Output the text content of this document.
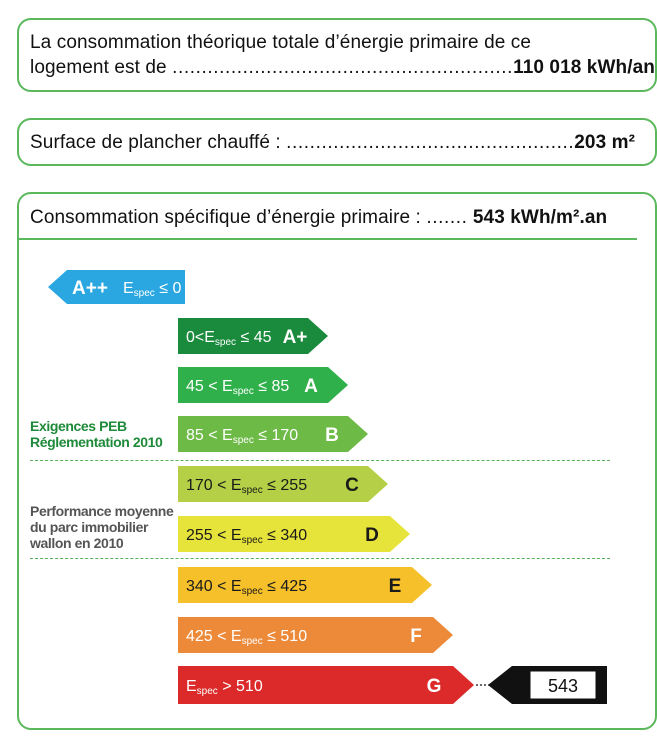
La consommation théorique totale d’énergie primaire de ce
logement est de ..........................................................110 018 kWh/an
Surface de plancher chauffé : .................................................203 m²
Consommation spécifique d’énergie primaire : ....... 543 kWh/m².an
Exigences PEB
Réglementation 2010
Performance moyenne
du parc immobilier
wallon en 2010
A++ Espec ≤ 0
A+
0<Espec ≤ 45
A
45 < Espec ≤ 85
B
85 < Espec ≤ 170
C
170 < Espec ≤ 255
D
255 < Espec ≤ 340
E
340 < Espec ≤ 425
F
425 < Espec ≤ 510
G
Espec > 510	543
